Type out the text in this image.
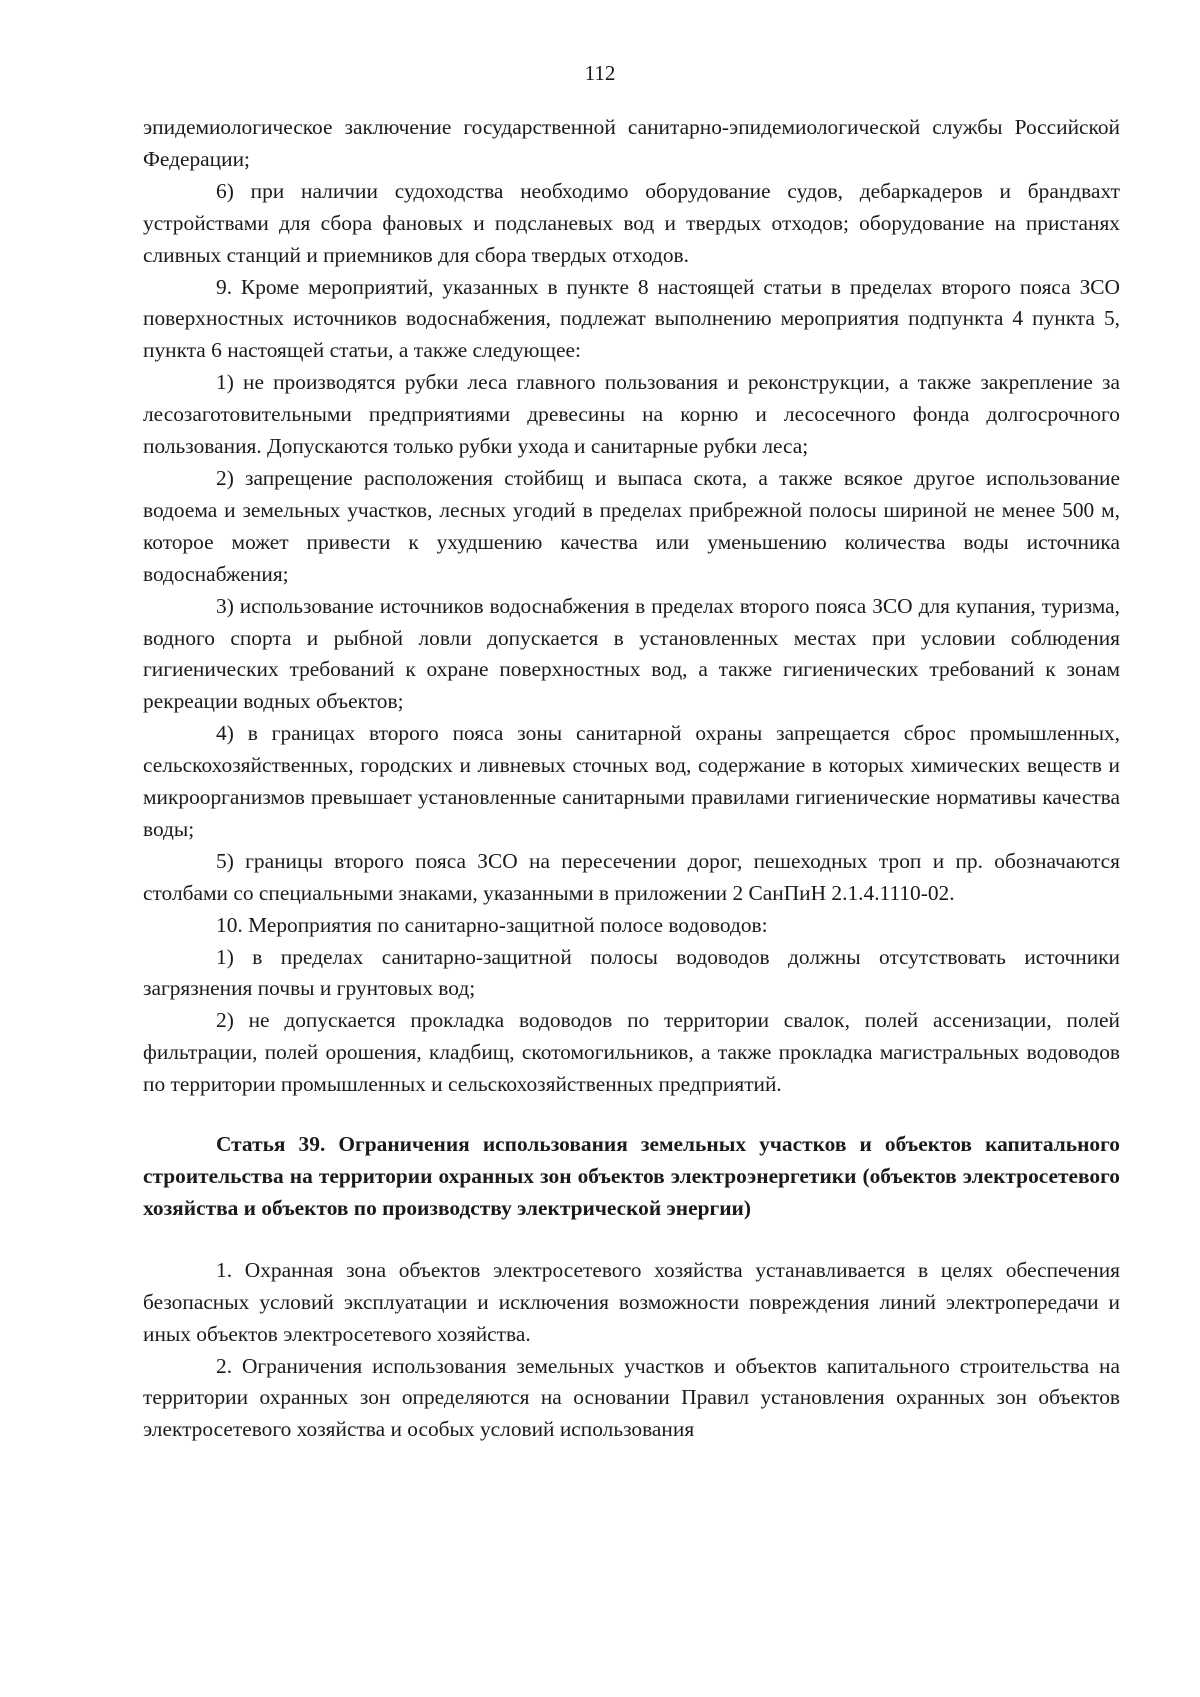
112

эпидемиологическое заключение государственной санитарно-эпидемиологической службы Российской Федерации;

6) при наличии судоходства необходимо оборудование судов, дебаркадеров и брандвахт устройствами для сбора фановых и подсланевых вод и твердых отходов; оборудование на пристанях сливных станций и приемников для сбора твердых отходов.

9. Кроме мероприятий, указанных в пункте 8 настоящей статьи в пределах второго пояса ЗСО поверхностных источников водоснабжения, подлежат выполнению мероприятия подпункта 4 пункта 5, пункта 6 настоящей статьи, а также следующее:

1) не производятся рубки леса главного пользования и реконструкции, а также закрепление за лесозаготовительными предприятиями древесины на корню и лесосечного фонда долгосрочного пользования. Допускаются только рубки ухода и санитарные рубки леса;

2) запрещение расположения стойбищ и выпаса скота, а также всякое другое использование водоема и земельных участков, лесных угодий в пределах прибрежной полосы шириной не менее 500 м, которое может привести к ухудшению качества или уменьшению количества воды источника водоснабжения;

3) использование источников водоснабжения в пределах второго пояса ЗСО для купания, туризма, водного спорта и рыбной ловли допускается в установленных местах при условии соблюдения гигиенических требований к охране поверхностных вод, а также гигиенических требований к зонам рекреации водных объектов;

4) в границах второго пояса зоны санитарной охраны запрещается сброс промышленных, сельскохозяйственных, городских и ливневых сточных вод, содержание в которых химических веществ и микроорганизмов превышает установленные санитарными правилами гигиенические нормативы качества воды;

5) границы второго пояса ЗСО на пересечении дорог, пешеходных троп и пр. обозначаются столбами со специальными знаками, указанными в приложении 2 СанПиН 2.1.4.1110-02.

10. Мероприятия по санитарно-защитной полосе водоводов:

1) в пределах санитарно-защитной полосы водоводов должны отсутствовать источники загрязнения почвы и грунтовых вод;

2) не допускается прокладка водоводов по территории свалок, полей ассенизации, полей фильтрации, полей орошения, кладбищ, скотомогильников, а также прокладка магистральных водоводов по территории промышленных и сельскохозяйственных предприятий.

Статья 39. Ограничения использования земельных участков и объектов капитального строительства на территории охранных зон объектов электроэнергетики (объектов электросетевого хозяйства и объектов по производству электрической энергии)

1. Охранная зона объектов электросетевого хозяйства устанавливается в целях обеспечения безопасных условий эксплуатации и исключения возможности повреждения линий электропередачи и иных объектов электросетевого хозяйства.

2. Ограничения использования земельных участков и объектов капитального строительства на территории охранных зон определяются на основании Правил установления охранных зон объектов электросетевого хозяйства и особых условий использования
